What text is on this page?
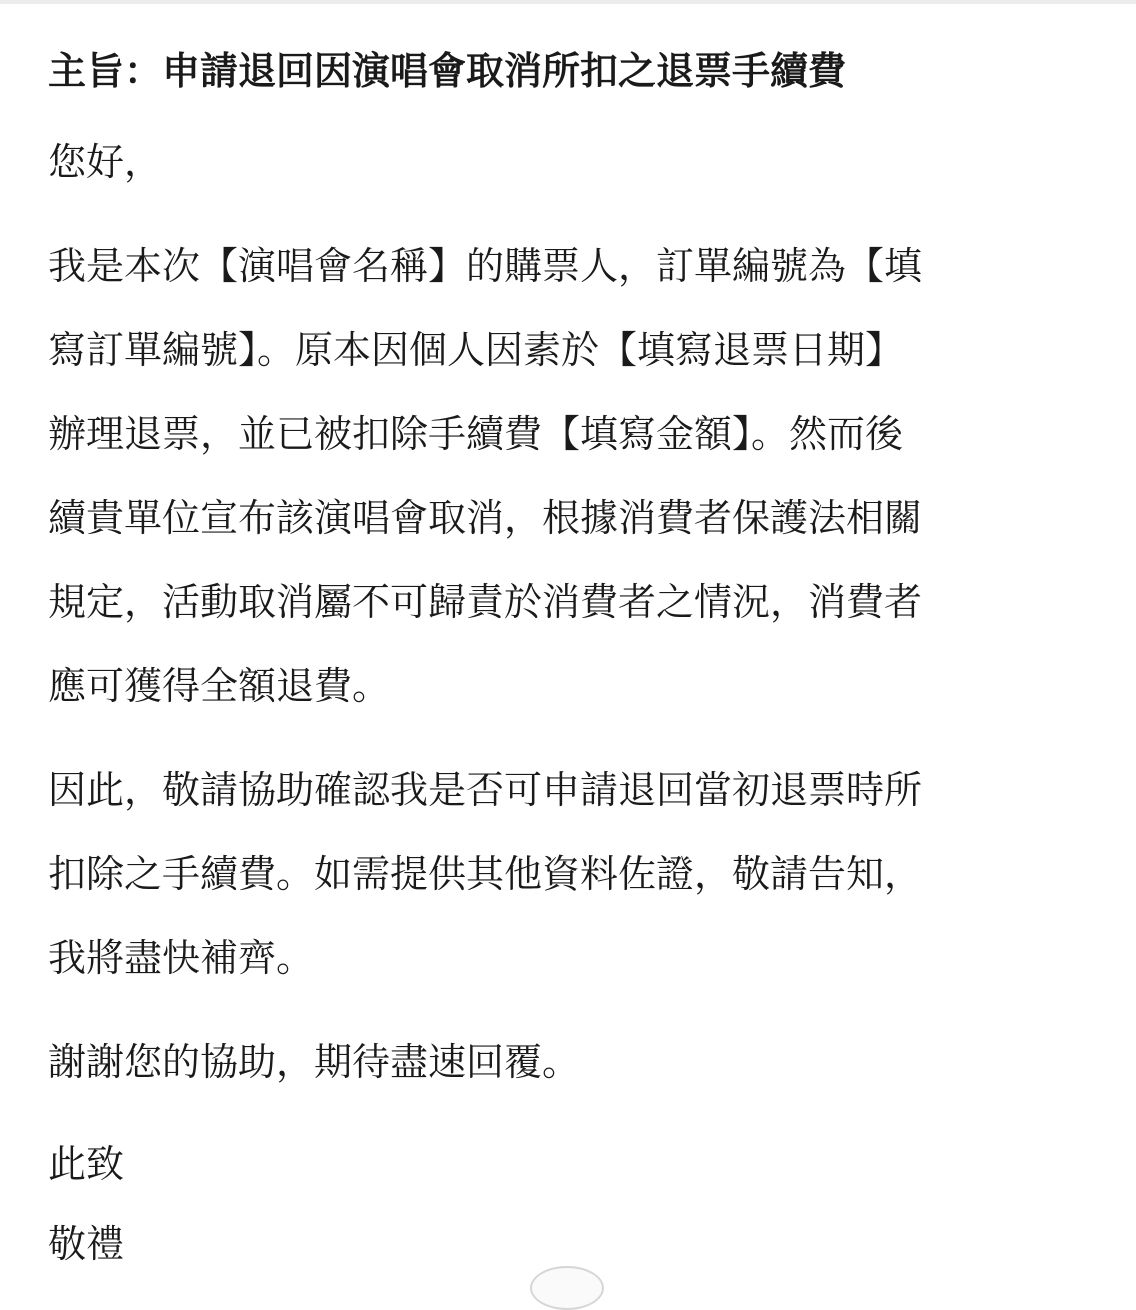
主旨：申請退回因演唱會取消所扣之退票手續費
您好，
我是本次【演唱會名稱】的購票人，訂單編號為【填
寫訂單編號】。原本因個人因素於【填寫退票日期】
辦理退票，並已被扣除手續費【填寫金額】。然而後
續貴單位宣布該演唱會取消，根據消費者保護法相關
規定，活動取消屬不可歸責於消費者之情況，消費者
應可獲得全額退費。
因此，敬請協助確認我是否可申請退回當初退票時所
扣除之手續費。如需提供其他資料佐證，敬請告知，
我將盡快補齊。
謝謝您的協助，期待盡速回覆。
此致
敬禮
